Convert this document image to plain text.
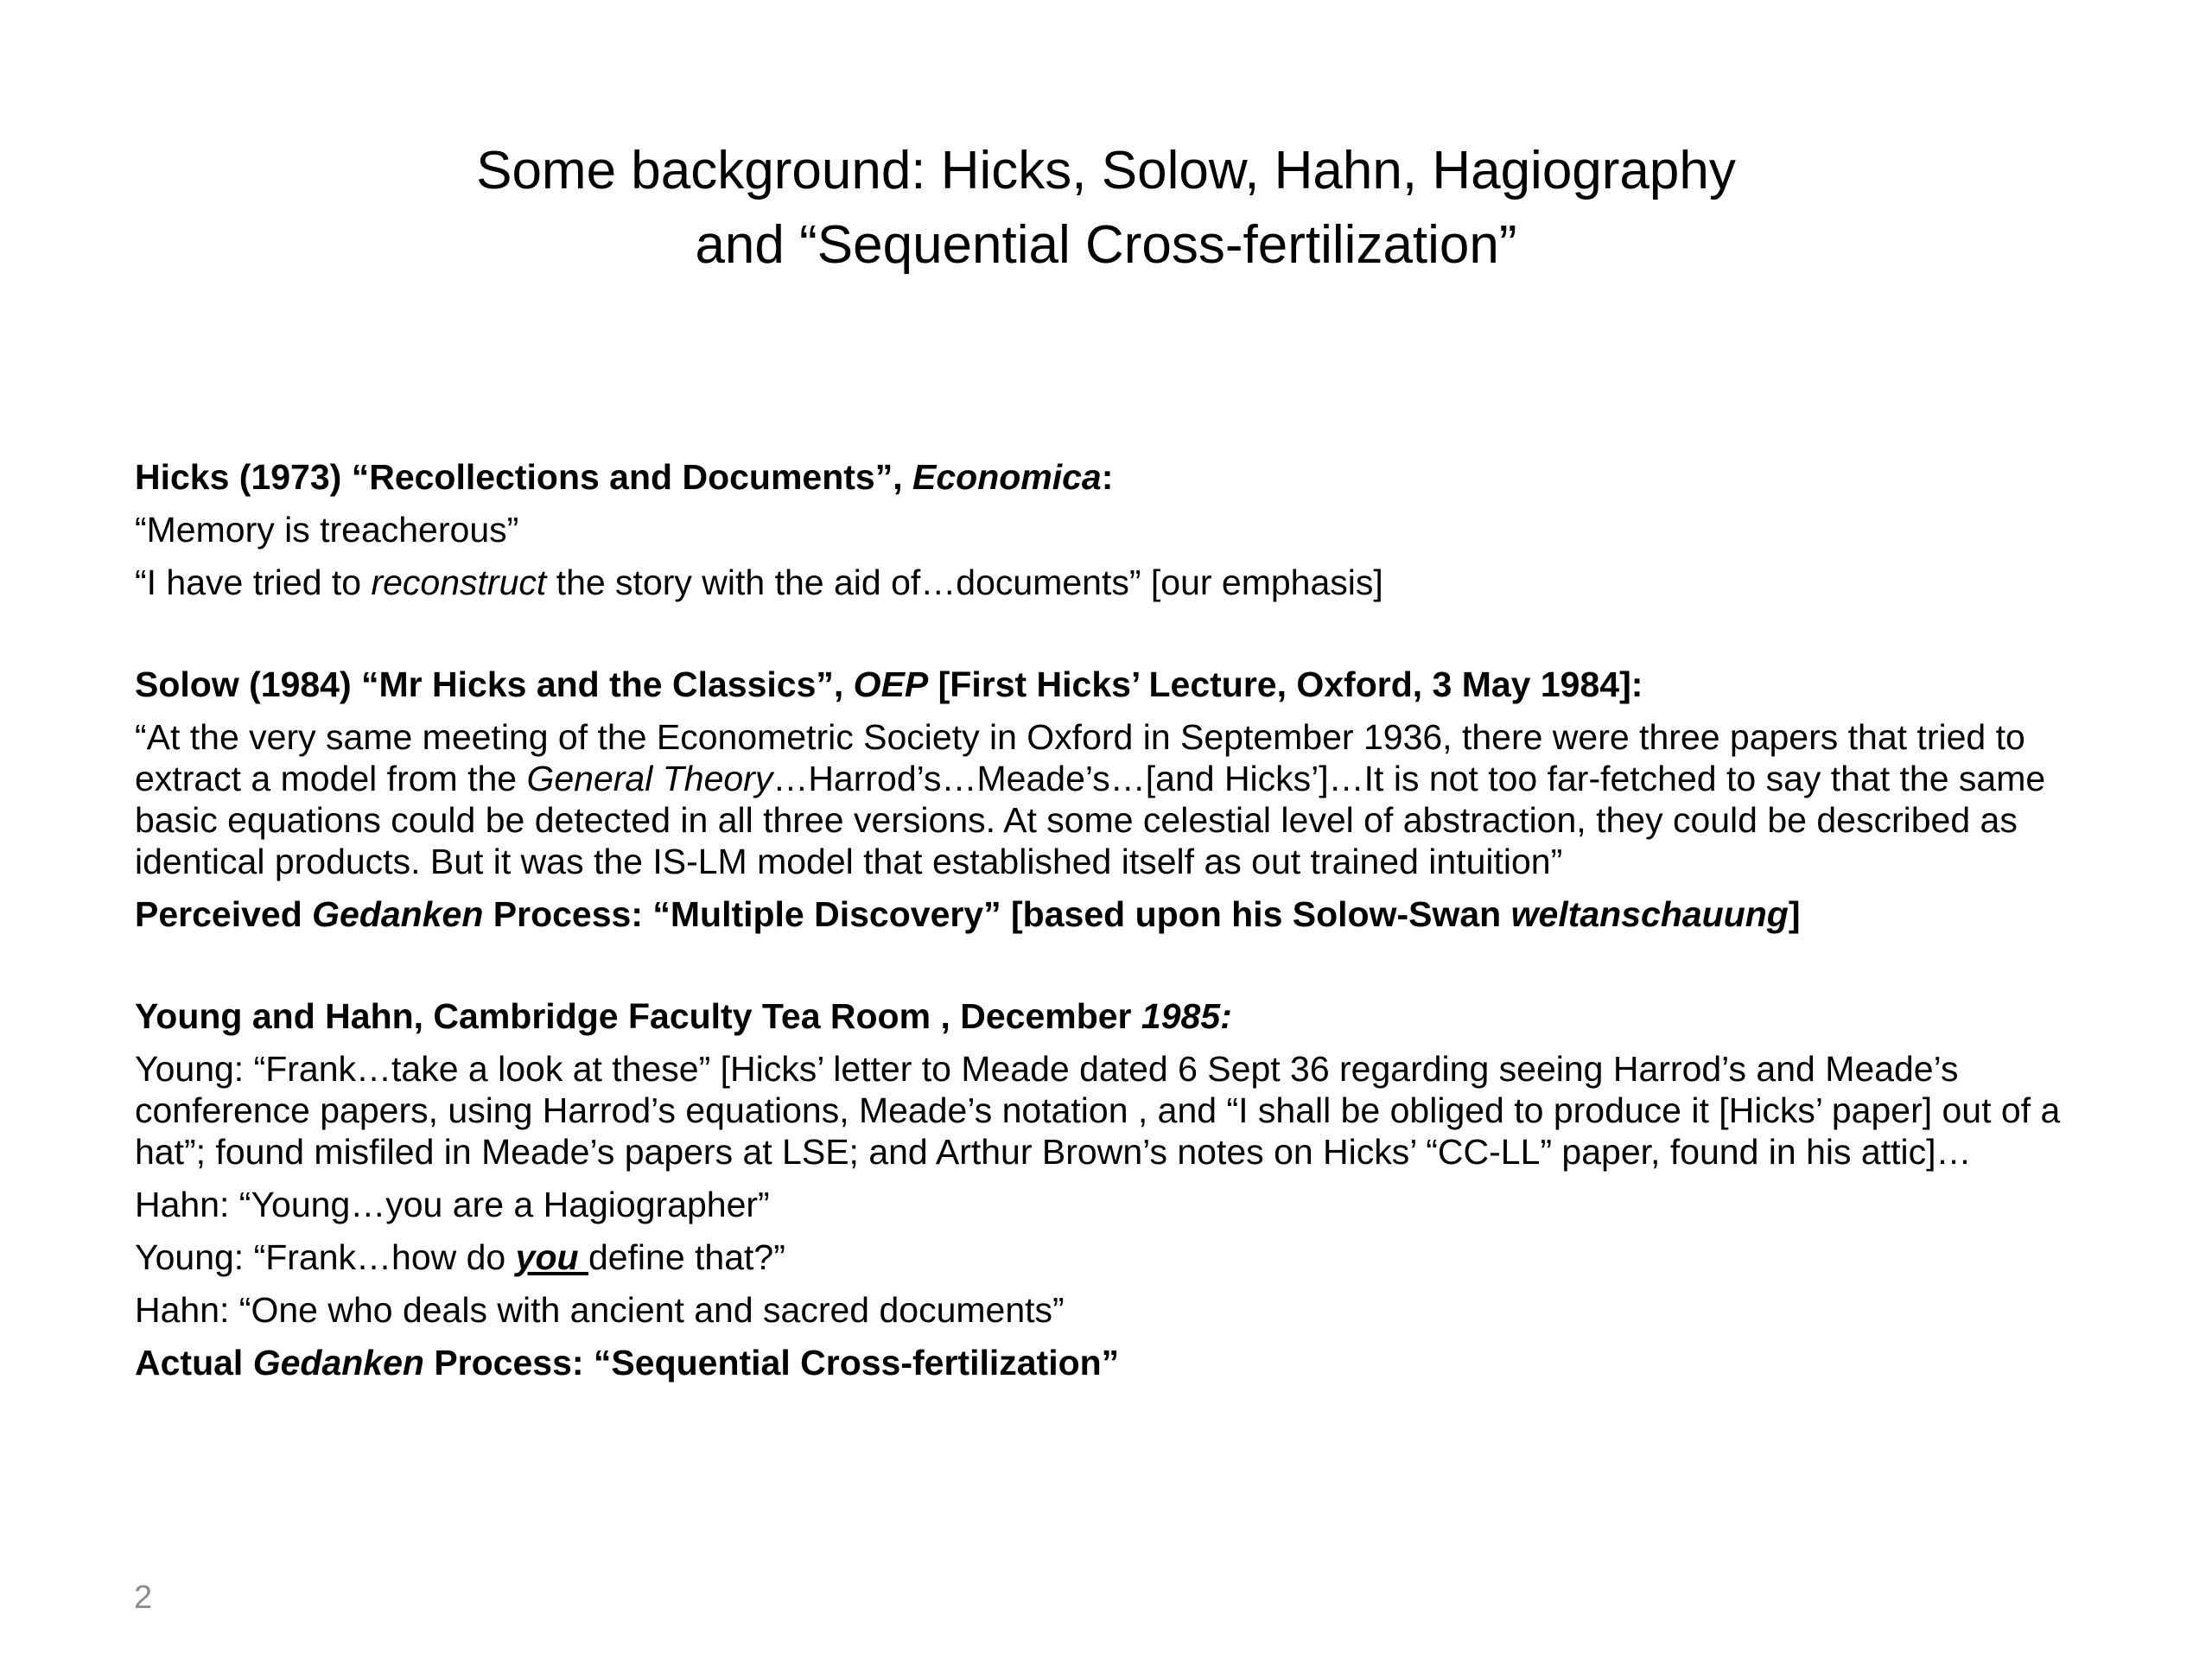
Some background: Hicks, Solow, Hahn, Hagiography
and “Sequential Cross-fertilization”

Hicks (1973) “Recollections and Documents”, Economica:

“Memory is treacherous”

“I have tried to reconstruct the story with the aid of…documents” [our emphasis]

Solow (1984) “Mr Hicks and the Classics”, OEP [First Hicks’ Lecture, Oxford, 3 May 1984]:

“At the very same meeting of the Econometric Society in Oxford in September 1936, there were three papers that tried to extract a model from the General Theory…Harrod’s…Meade’s…[and Hicks’]…It is not too far-fetched to say that the same basic equations could be detected in all three versions. At some celestial level of abstraction, they could be described as identical products. But it was the IS-LM model that established itself as out trained intuition”

Perceived Gedanken Process: “Multiple Discovery” [based upon his Solow-Swan weltanschauung]

Young and Hahn, Cambridge Faculty Tea Room , December 1985:

Young: “Frank…take a look at these” [Hicks’ letter to Meade dated 6 Sept 36 regarding seeing Harrod’s and Meade’s conference papers, using Harrod’s equations, Meade’s notation , and “I shall be obliged to produce it [Hicks’ paper] out of a hat”; found misfiled in Meade’s papers at LSE; and Arthur Brown’s notes on Hicks’ “CC-LL” paper, found in his attic]…

Hahn: “Young…you are a Hagiographer”

Young: “Frank…how do you define that?”

Hahn: “One who deals with ancient and sacred documents”

Actual Gedanken Process: “Sequential Cross-fertilization”

2
